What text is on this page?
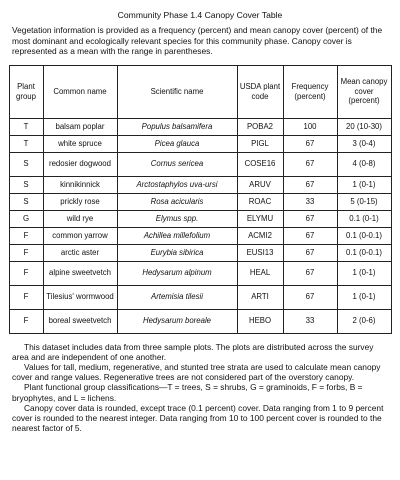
Community Phase 1.4 Canopy Cover Table
Vegetation information is provided as a frequency (percent) and mean canopy cover (percent) of the most dominant and ecologically relevant species for this community phase. Canopy cover is represented as a mean with the range in parentheses.
Plant group	Common name	Scientific name	USDA plant code	Frequency (percent)	Mean canopy cover (percent)
T	balsam poplar	Populus balsamifera	POBA2	100	20 (10-30)
T	white spruce	Picea glauca	PIGL	67	3 (0-4)
S	redosier dogwood	Cornus sericea	COSE16	67	4 (0-8)
S	kinnikinnick	Arctostaphylos uva-ursi	ARUV	67	1 (0-1)
S	prickly rose	Rosa acicularis	ROAC	33	5 (0-15)
G	wild rye	Elymus spp.	ELYMU	67	0.1 (0-1)
F	common yarrow	Achillea millefolium	ACMI2	67	0.1 (0-0.1)
F	arctic aster	Eurybia sibirica	EUSI13	67	0.1 (0-0.1)
F	alpine sweetvetch	Hedysarum alpinum	HEAL	67	1 (0-1)
F	Tilesius' wormwood	Artemisia tilesii	ARTI	67	1 (0-1)
F	boreal sweetvetch	Hedysarum boreale	HEBO	33	2 (0-6)

This dataset includes data from three sample plots. The plots are distributed across the survey area and are independent of one another.

Values for tall, medium, regenerative, and stunted tree strata are used to calculate mean canopy cover and range values. Regenerative trees are not considered part of the overstory canopy.

Plant functional group classifications—T = trees, S = shrubs, G = graminoids, F = forbs, B = bryophytes, and L = lichens.

Canopy cover data is rounded, except trace (0.1 percent) cover. Data ranging from 1 to 9 percent cover is rounded to the nearest integer. Data ranging from 10 to 100 percent cover is rounded to the nearest factor of 5.
